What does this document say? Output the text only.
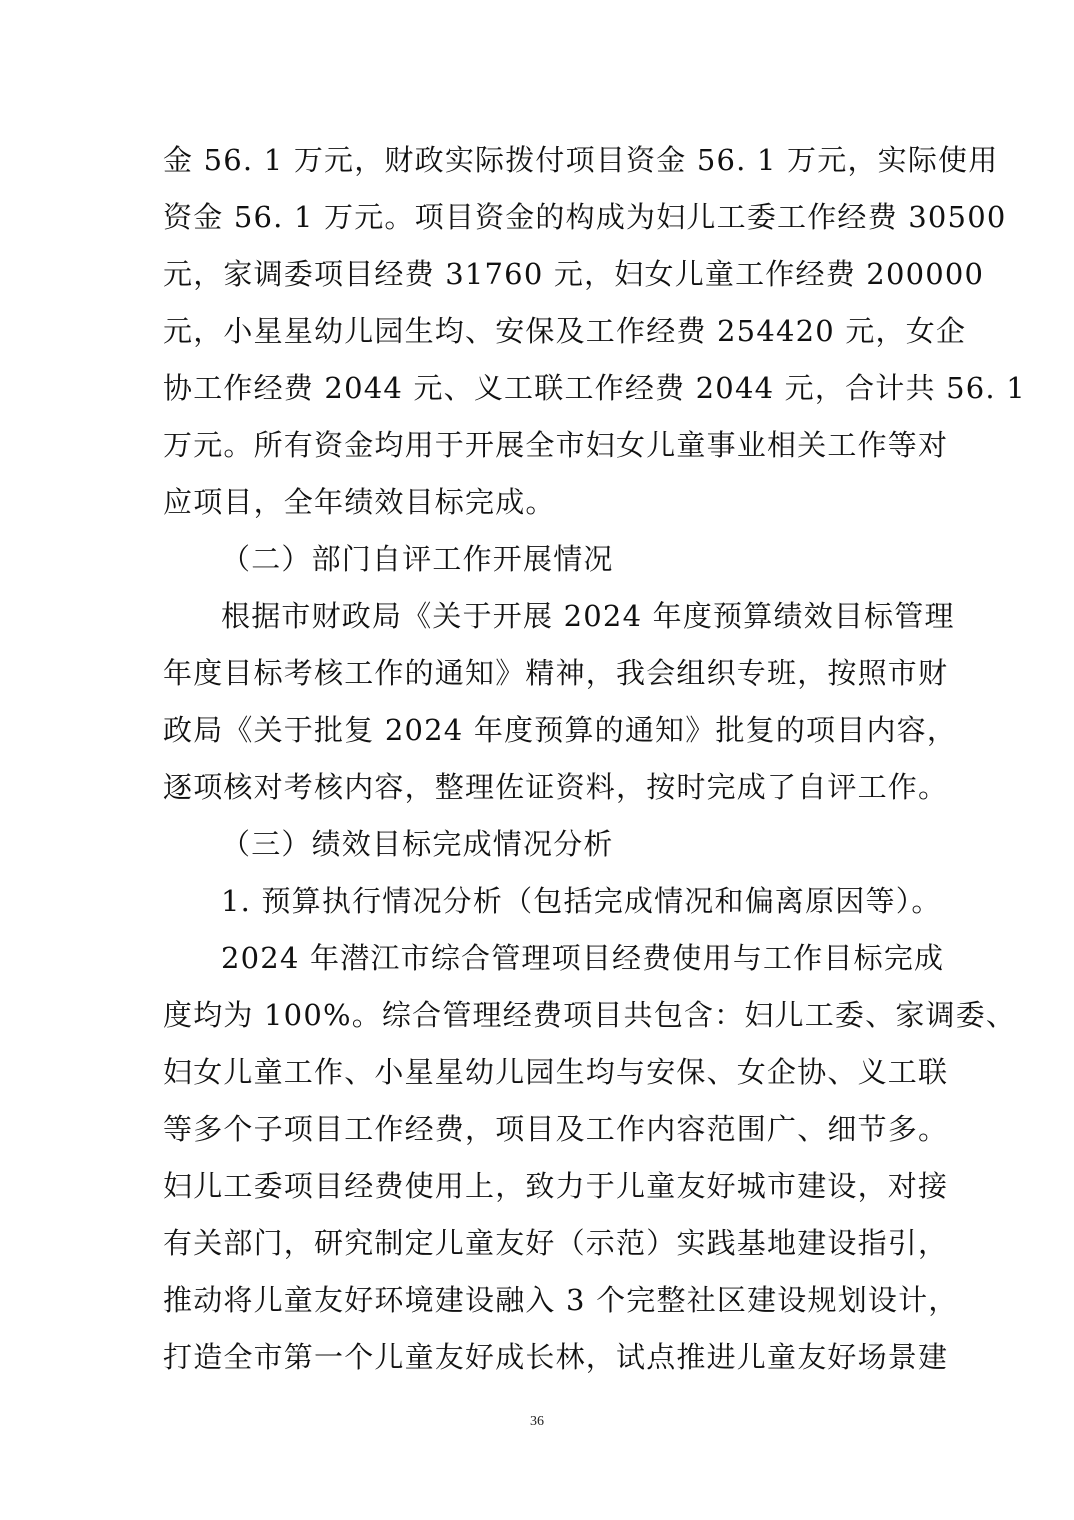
金 56. 1 万元，财政实际拨付项目资金 56. 1 万元，实际使用
资金 56. 1 万元。项目资金的构成为妇儿工委工作经费 30500
元，家调委项目经费 31760 元，妇女儿童工作经费 200000
元，小星星幼儿园生均、安保及工作经费 254420 元，女企
协工作经费 2044 元、义工联工作经费 2044 元，合计共 56. 1
万元。所有资金均用于开展全市妇女儿童事业相关工作等对
应项目，全年绩效目标完成。
（二）部门自评工作开展情况
根据市财政局《关于开展 2024 年度预算绩效目标管理
年度目标考核工作的通知》精神，我会组织专班，按照市财
政局《关于批复 2024 年度预算的通知》批复的项目内容，
逐项核对考核内容，整理佐证资料，按时完成了自评工作。
（三）绩效目标完成情况分析
1. 预算执行情况分析（包括完成情况和偏离原因等）。
2024 年潜江市综合管理项目经费使用与工作目标完成
度均为 100%。综合管理经费项目共包含：妇儿工委、家调委、
妇女儿童工作、小星星幼儿园生均与安保、女企协、义工联
等多个子项目工作经费，项目及工作内容范围广、细节多。
妇儿工委项目经费使用上，致力于儿童友好城市建设，对接
有关部门，研究制定儿童友好（示范）实践基地建设指引，
推动将儿童友好环境建设融入 3 个完整社区建设规划设计，
打造全市第一个儿童友好成长林，试点推进儿童友好场景建
36
